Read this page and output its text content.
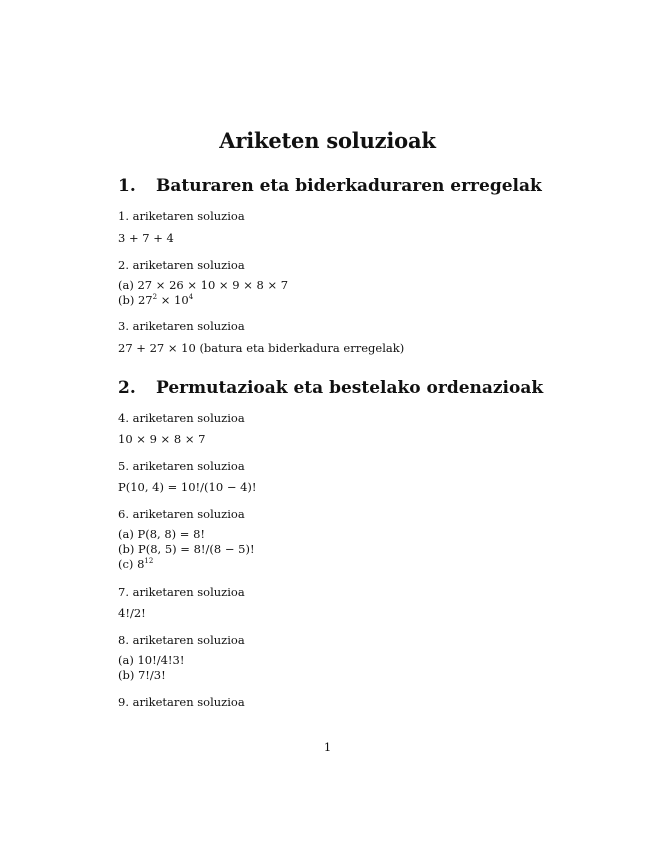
Ariketen soluzioak
1. Baturaren eta biderkaduraren erregelak
1. ariketaren soluzioa
3 + 7 + 4
2. ariketaren soluzioa
(a) 27 × 26 × 10 × 9 × 8 × 7
(b) $27^2 \times 10^4$
3. ariketaren soluzioa
27 + 27 × 10 (batura eta biderkadura erregelak)
2. Permutazioak eta bestelako ordenazioak
4. ariketaren soluzioa
10 × 9 × 8 × 7
5. ariketaren soluzioa
P(10, 4) = 10!/(10 − 4)!
6. ariketaren soluzioa
(a) P(8, 8) = 8!
(b) P(8, 5) = 8!/(8 − 5)!
(c) $8^{12}$
7. ariketaren soluzioa
4!/2!
8. ariketaren soluzioa
(a) 10!/4!3!
(b) 7!/3!
9. ariketaren soluzioa
1
